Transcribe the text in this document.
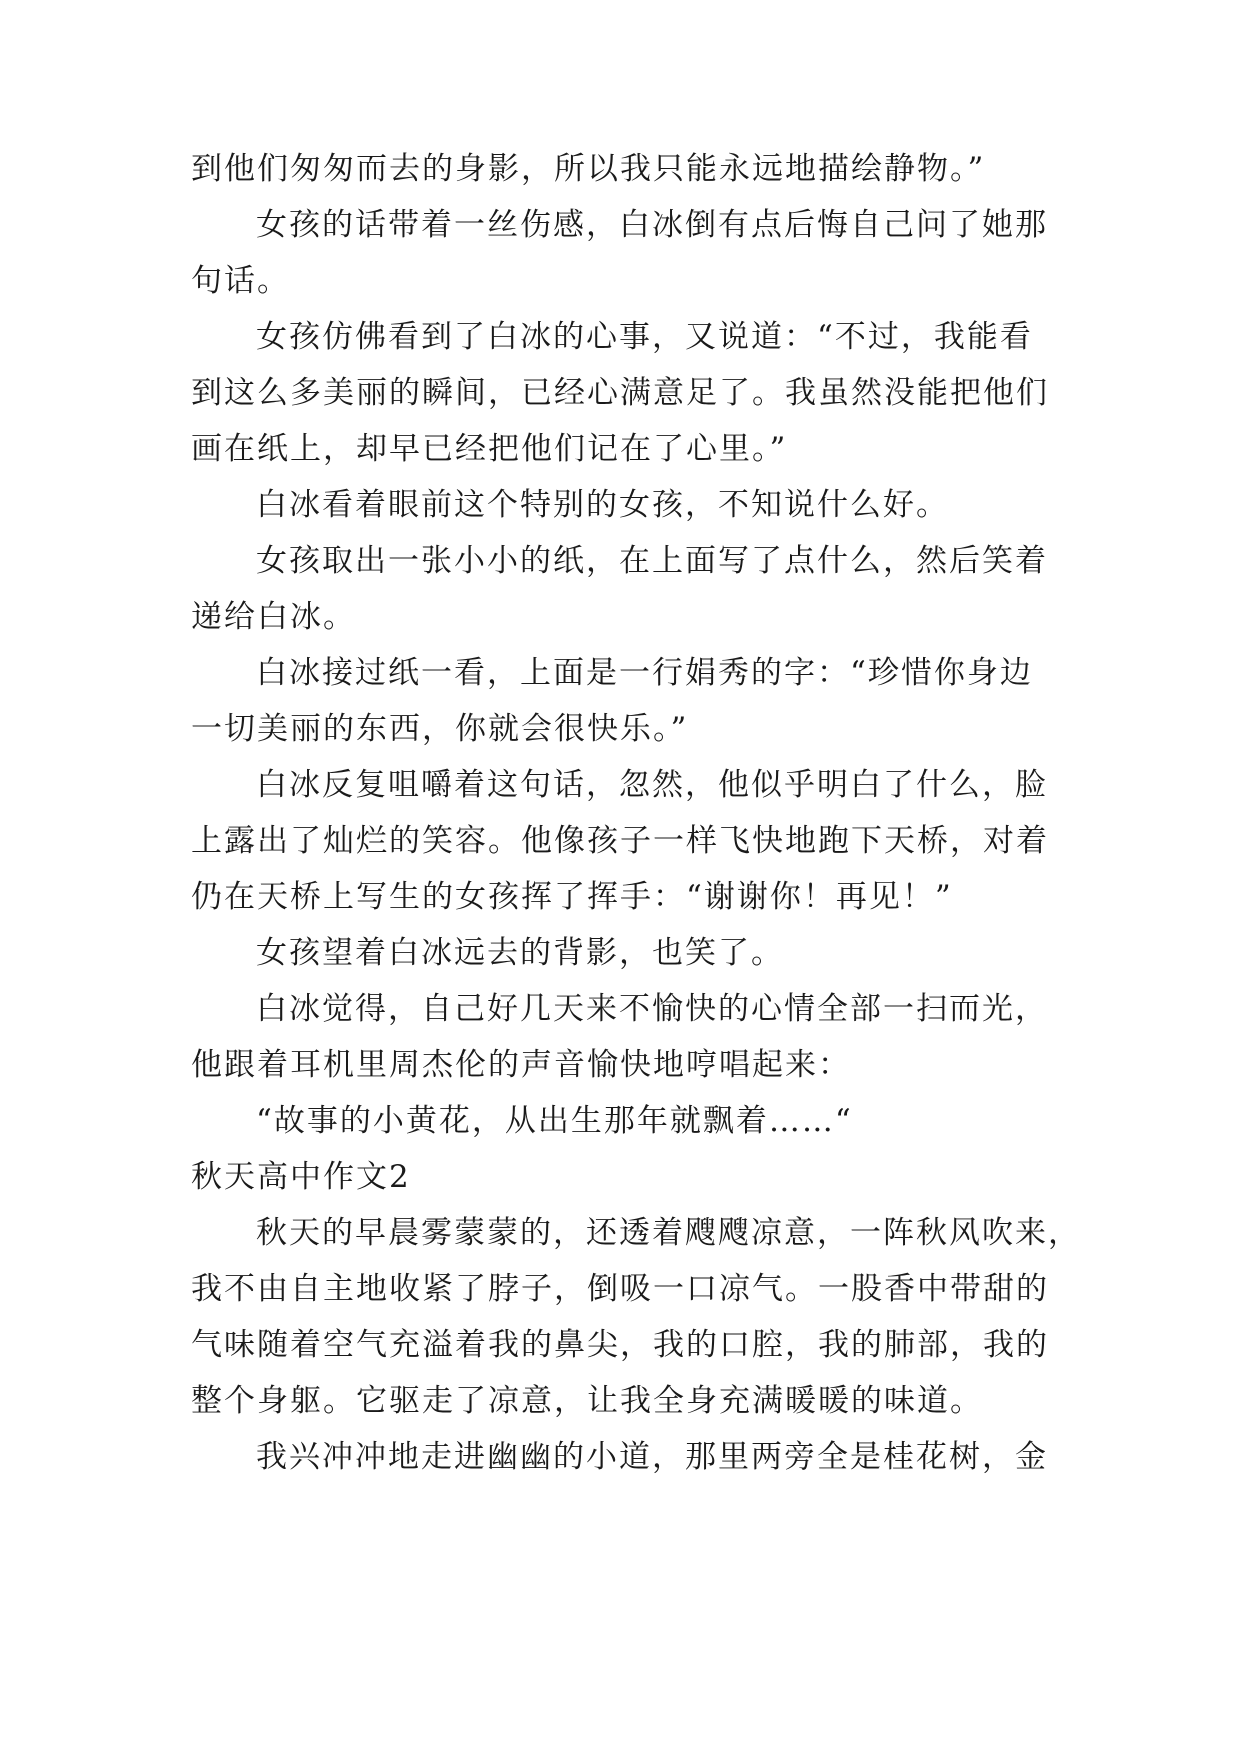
到他们匆匆而去的身影，所以我只能永远地描绘静物。”
女孩的话带着一丝伤感，白冰倒有点后悔自己问了她那
句话。
女孩仿佛看到了白冰的心事，又说道：“不过，我能看
到这么多美丽的瞬间，已经心满意足了。我虽然没能把他们
画在纸上，却早已经把他们记在了心里。”
白冰看着眼前这个特别的女孩，不知说什么好。
女孩取出一张小小的纸，在上面写了点什么，然后笑着
递给白冰。
白冰接过纸一看，上面是一行娟秀的字：“珍惜你身边
一切美丽的东西，你就会很快乐。”
白冰反复咀嚼着这句话，忽然，他似乎明白了什么，脸
上露出了灿烂的笑容。他像孩子一样飞快地跑下天桥，对着
仍在天桥上写生的女孩挥了挥手：“谢谢你！再见！”
女孩望着白冰远去的背影，也笑了。
白冰觉得，自己好几天来不愉快的心情全部一扫而光，
他跟着耳机里周杰伦的声音愉快地哼唱起来：
“故事的小黄花，从出生那年就飘着……“
秋天高中作文2
秋天的早晨雾蒙蒙的，还透着飕飕凉意，一阵秋风吹来，
我不由自主地收紧了脖子，倒吸一口凉气。一股香中带甜的
气味随着空气充溢着我的鼻尖，我的口腔，我的肺部，我的
整个身躯。它驱走了凉意，让我全身充满暖暖的味道。
我兴冲冲地走进幽幽的小道，那里两旁全是桂花树，金
